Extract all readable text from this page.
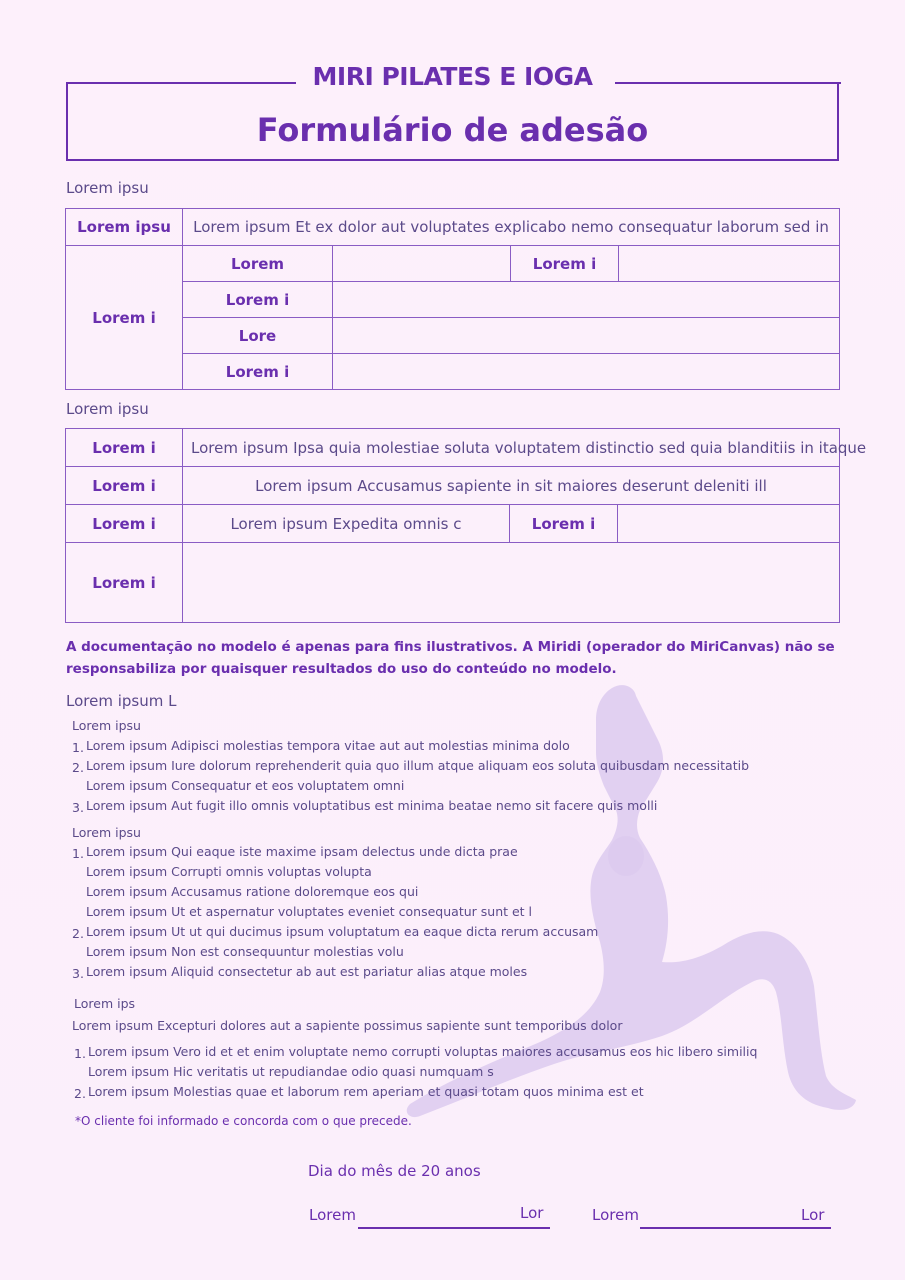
MIRI PILATES E IOGA
Formulário de adesão
Lorem ipsu
Lorem ipsu	Lorem ipsum Et ex dolor aut voluptates explicabo nemo consequatur laborum sed in			
Lorem i	Lorem		Lorem i	
	Lorem i			
	Lore			
	Lorem i			
Lorem ipsu
Lorem i	Lorem ipsum Ipsa quia molestiae soluta voluptatem distinctio sed quia blanditiis in itaque		
Lorem i	Lorem ipsum Accusamus sapiente in sit maiores deserunt deleniti ill		
Lorem i	Lorem ipsum Expedita omnis c	Lorem i	
Lorem i			
A documentação no modelo é apenas para fins ilustrativos. A Miridi (operador do MiriCanvas) não se responsabiliza por quaisquer resultados do uso do conteúdo no modelo.
Lorem ipsum L
Lorem ipsu
1. Lorem ipsum Adipisci molestias tempora vitae aut aut molestias minima dolo
2. Lorem ipsum Iure dolorum reprehenderit quia quo illum atque aliquam eos soluta quibusdam necessitatib
Lorem ipsum Consequatur et eos voluptatem omni
3. Lorem ipsum Aut fugit illo omnis voluptatibus est minima beatae nemo sit facere quis molli
Lorem ipsu
1. Lorem ipsum Qui eaque iste maxime ipsam delectus unde dicta prae
Lorem ipsum Corrupti omnis voluptas volupta
Lorem ipsum Accusamus ratione doloremque eos qui
Lorem ipsum Ut et aspernatur voluptates eveniet consequatur sunt et l
2. Lorem ipsum Ut ut qui ducimus ipsum voluptatum ea eaque dicta rerum accusam
Lorem ipsum Non est consequuntur molestias volu
3. Lorem ipsum Aliquid consectetur ab aut est pariatur alias atque moles
Lorem ips
Lorem ipsum Excepturi dolores aut a sapiente possimus sapiente sunt temporibus dolor
1. Lorem ipsum Vero id et et enim voluptate nemo corrupti voluptas maiores accusamus eos hic libero similiq
Lorem ipsum Hic veritatis ut repudiandae odio quasi numquam s
2. Lorem ipsum Molestias quae et laborum rem aperiam et quasi totam quos minima est et
*O cliente foi informado e concorda com o que precede.
Dia do mês de 20 anos
Lorem	Lor	Lorem	Lor
